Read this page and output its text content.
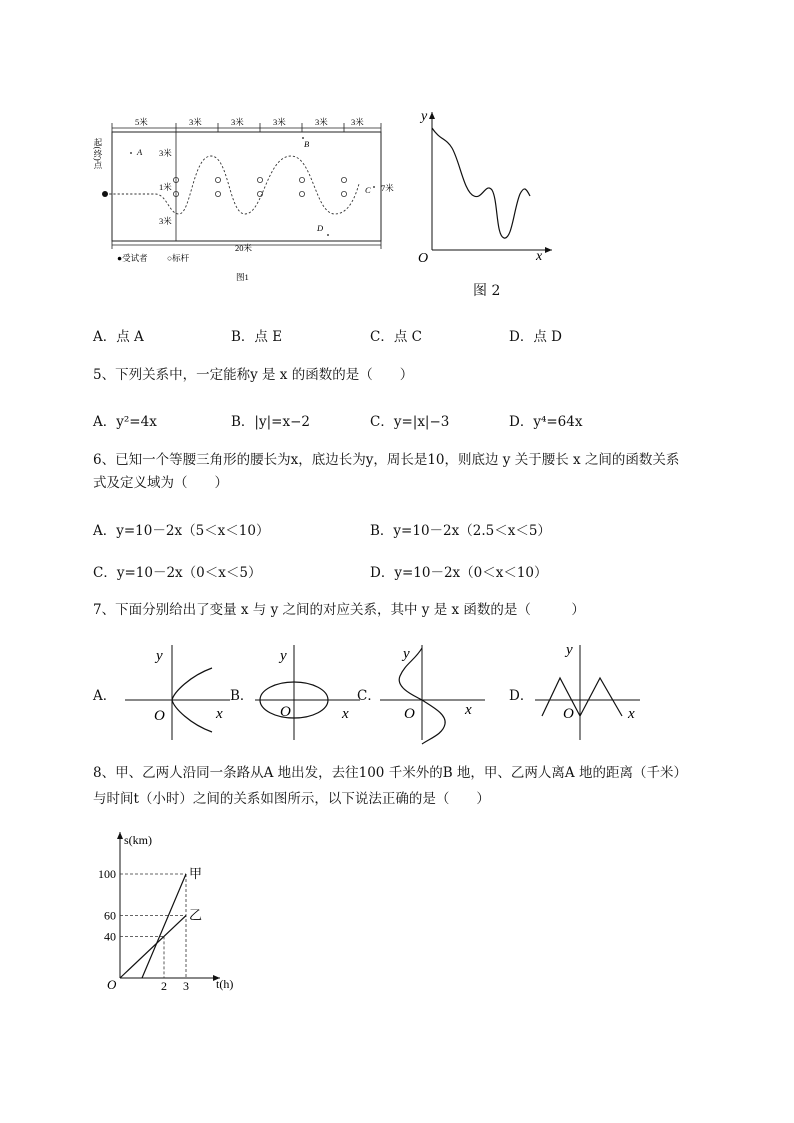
5米	3米	3米	3米	3米	3米
3米
1米
3米
起(终)点	A
B
C
D
7米
20米
●受试者 ○标杆
图1
y
x
O
图 2
A．点 A	B．点 E	C．点 C	D．点 D
5、下列关系中，一定能称y 是 x 的函数的是（　　）
A．y²=4x	B．|y|=x−2	C．y=|x|−3	D．y⁴=64x
6、已知一个等腰三角形的腰长为x，底边长为y，周长是10，则底边 y 关于腰长 x 之间的函数关系
式及定义域为（　　）
A．y=10－2x（5＜x＜10）	B．y=10－2x（2.5＜x＜5）
C．y=10－2x（0＜x＜5）	D．y=10－2x（0＜x＜10）
7、下面分别给出了变量 x 与 y 之间的对应关系，其中 y 是 x 函数的是（　　　）
A．
y
O	x
B．
y
O	x
C．
y
O	x
D．
y
O	x
8、甲、乙两人沿同一条路从A 地出发，去往100 千米外的B 地，甲、乙两人离A 地的距离（千米）
与时间t（小时）之间的关系如图所示，以下说法正确的是（　　）
s(km)
t(h)
O
甲
乙
40
60
100
2 3
